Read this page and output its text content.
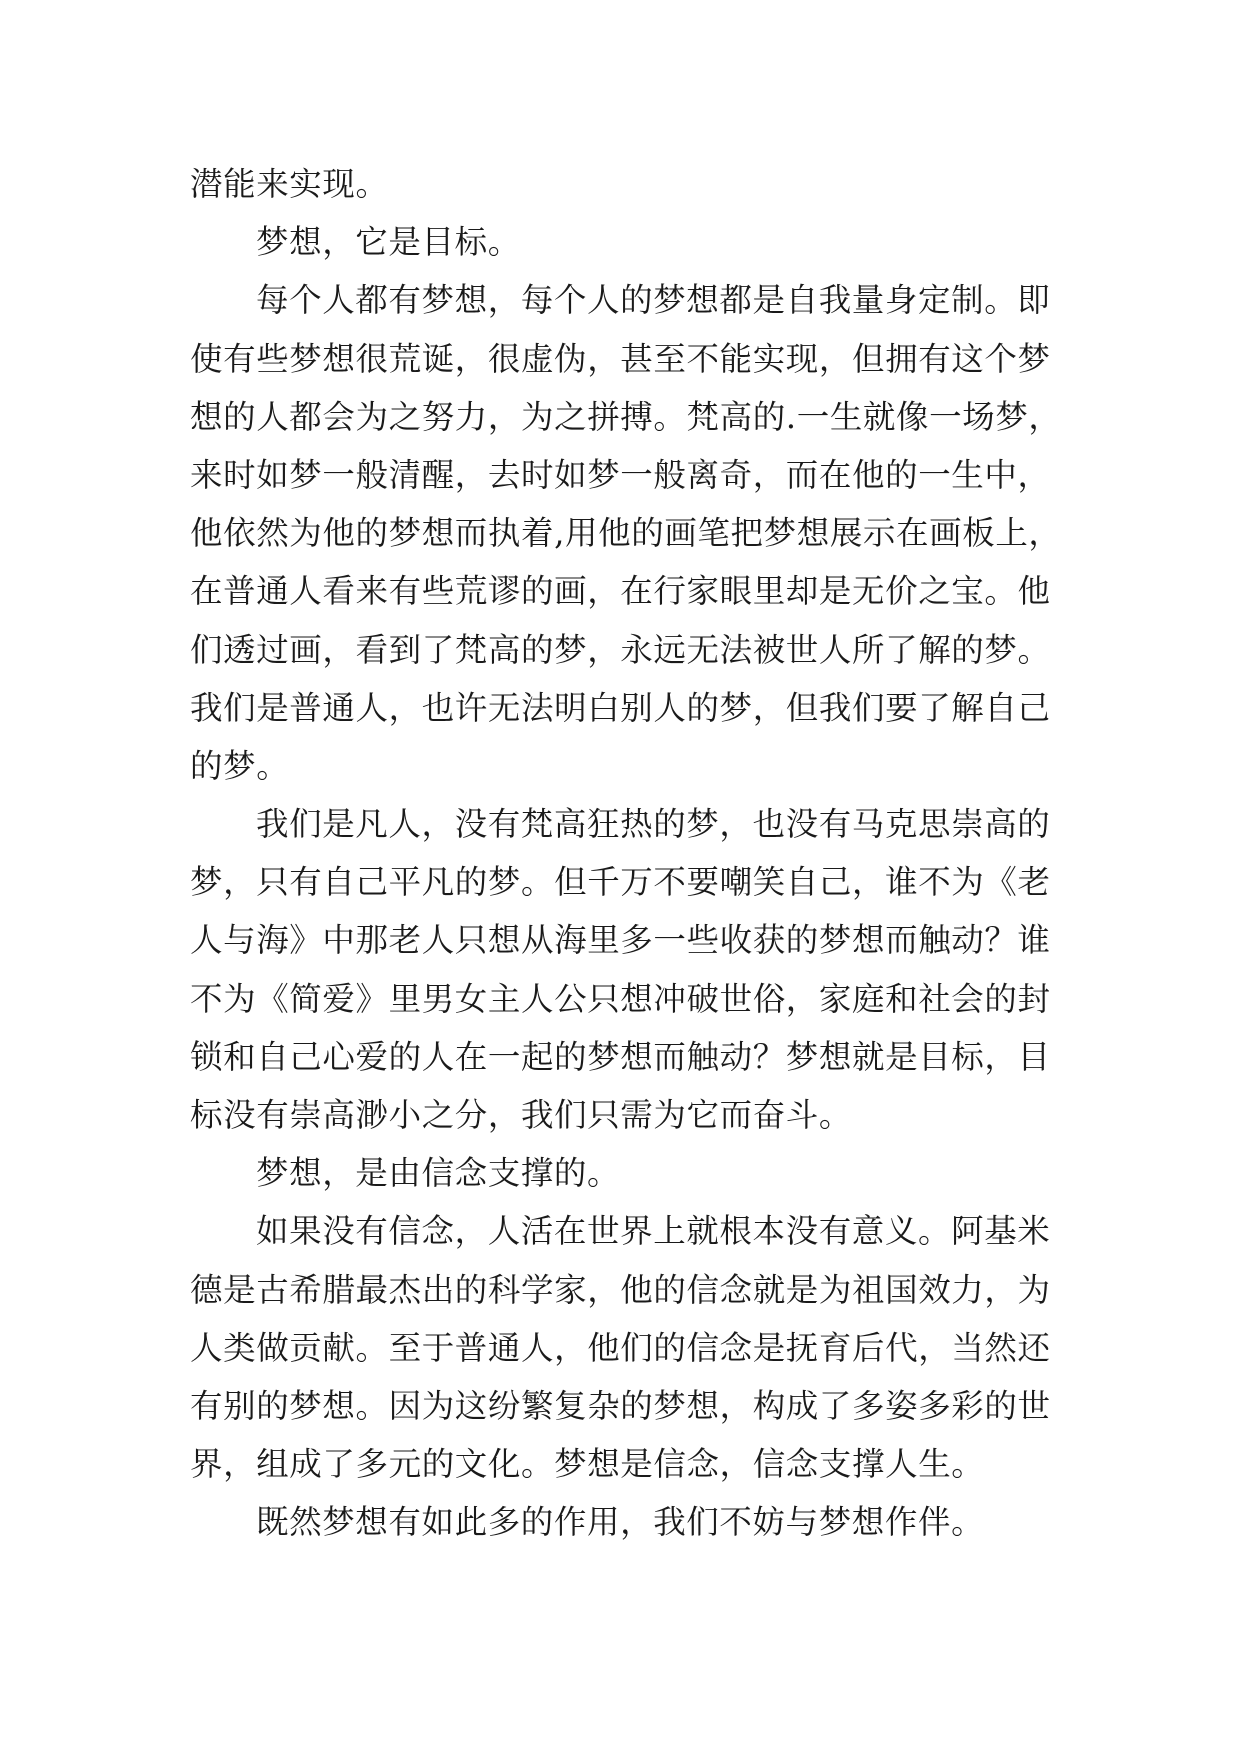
潜能来实现。
梦想，它是目标。
每个人都有梦想，每个人的梦想都是自我量身定制。即
使有些梦想很荒诞，很虚伪，甚至不能实现，但拥有这个梦
想的人都会为之努力，为之拼搏。梵高的.一生就像一场梦，
来时如梦一般清醒，去时如梦一般离奇，而在他的一生中，
他依然为他的梦想而执着,用他的画笔把梦想展示在画板上，
在普通人看来有些荒谬的画，在行家眼里却是无价之宝。他
们透过画，看到了梵高的梦，永远无法被世人所了解的梦。
我们是普通人，也许无法明白别人的梦，但我们要了解自己
的梦。
我们是凡人，没有梵高狂热的梦，也没有马克思崇高的
梦，只有自己平凡的梦。但千万不要嘲笑自己，谁不为《老
人与海》中那老人只想从海里多一些收获的梦想而触动？谁
不为《简爱》里男女主人公只想冲破世俗，家庭和社会的封
锁和自己心爱的人在一起的梦想而触动？梦想就是目标，目
标没有崇高渺小之分，我们只需为它而奋斗。
梦想，是由信念支撑的。
如果没有信念，人活在世界上就根本没有意义。阿基米
德是古希腊最杰出的科学家，他的信念就是为祖国效力，为
人类做贡献。至于普通人，他们的信念是抚育后代，当然还
有别的梦想。因为这纷繁复杂的梦想，构成了多姿多彩的世
界，组成了多元的文化。梦想是信念，信念支撑人生。
既然梦想有如此多的作用，我们不妨与梦想作伴。
